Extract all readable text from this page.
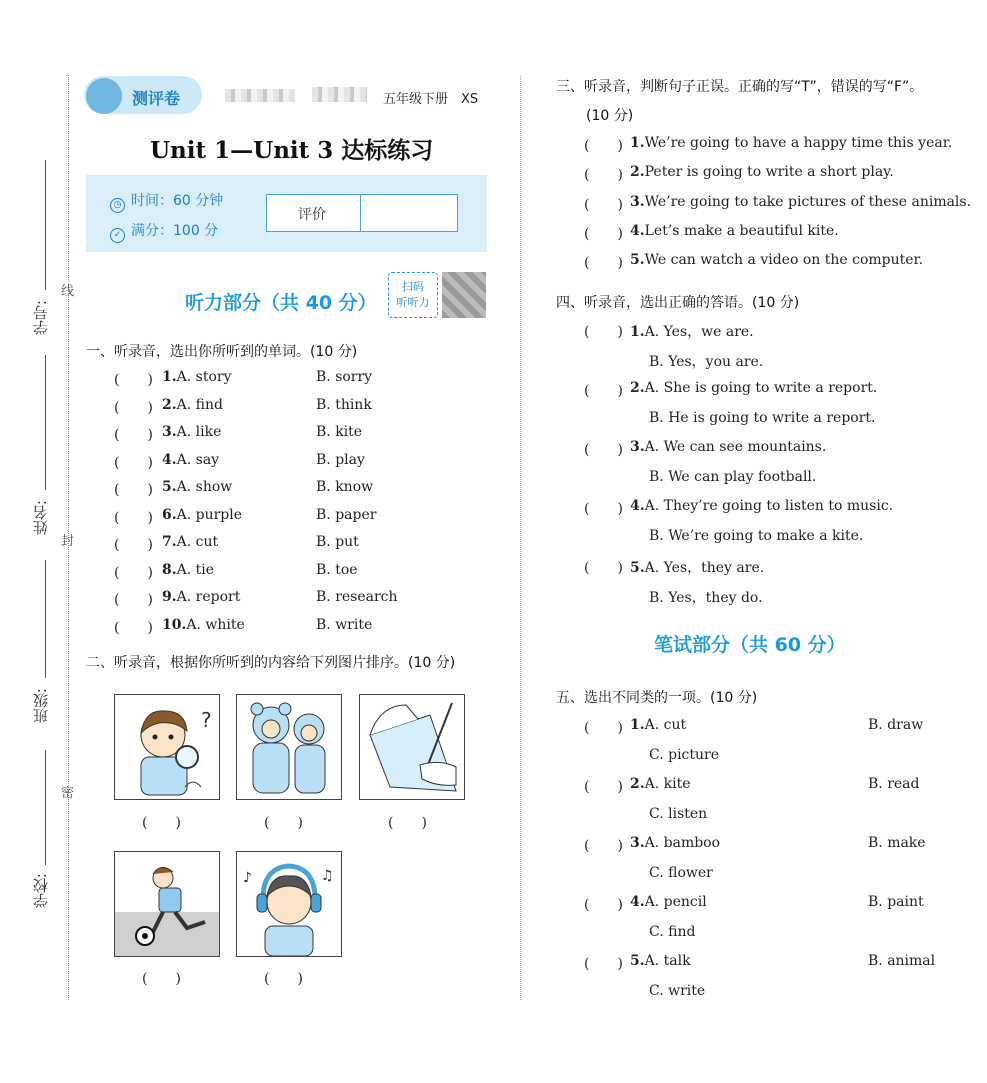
学号:
姓名:
班级:
学校:
线
封
密
测评卷	五年级下册　XS
Unit 1—Unit 3 达标练习
◷ 时间：60 分钟
✓ 满分：100 分
评价
听力部分（共 40 分）
扫码
听听力
一、听录音，选出你所听到的单词。(10 分)
(　　) 1.A. story	B. sorry
(　　) 2.A. find	B. think
(　　) 3.A. like	B. kite
(　　) 4.A. say	B. play
(　　) 5.A. show	B. know
(　　) 6.A. purple	B. paper
(　　) 7.A. cut	B. put
(　　) 8.A. tie	B. toe
(　　) 9.A. report	B. research
(　　) 10.A. white	B. write
二、听录音，根据你所听到的内容给下列图片排序。(10 分)
?
(　　)	(　　)	(　　)
♪	♫
(　　)	(　　)
三、听录音，判断句子正误。正确的写“T”，错误的写“F”。
(10 分)
(　　) 1.We’re going to have a happy time this year.
(　　) 2.Peter is going to write a short play.
(　　) 3.We’re going to take pictures of these animals.
(　　) 4.Let’s make a beautiful kite.
(　　) 5.We can watch a video on the computer.
四、听录音，选出正确的答语。(10 分)
(　　) 1.A. Yes，we are.
B. Yes，you are.
(　　) 2.A. She is going to write a report.
B. He is going to write a report.
(　　) 3.A. We can see mountains.
B. We can play football.
(　　) 4.A. They’re going to listen to music.
B. We’re going to make a kite.
(　　) 5.A. Yes，they are.
B. Yes，they do.
笔试部分（共 60 分）
五、选出不同类的一项。(10 分)
(　　) 1.A. cut	B. draw
C. picture
(　　) 2.A. kite	B. read
C. listen
(　　) 3.A. bamboo	B. make
C. flower
(　　) 4.A. pencil	B. paint
C. find
(　　) 5.A. talk	B. animal
C. write
